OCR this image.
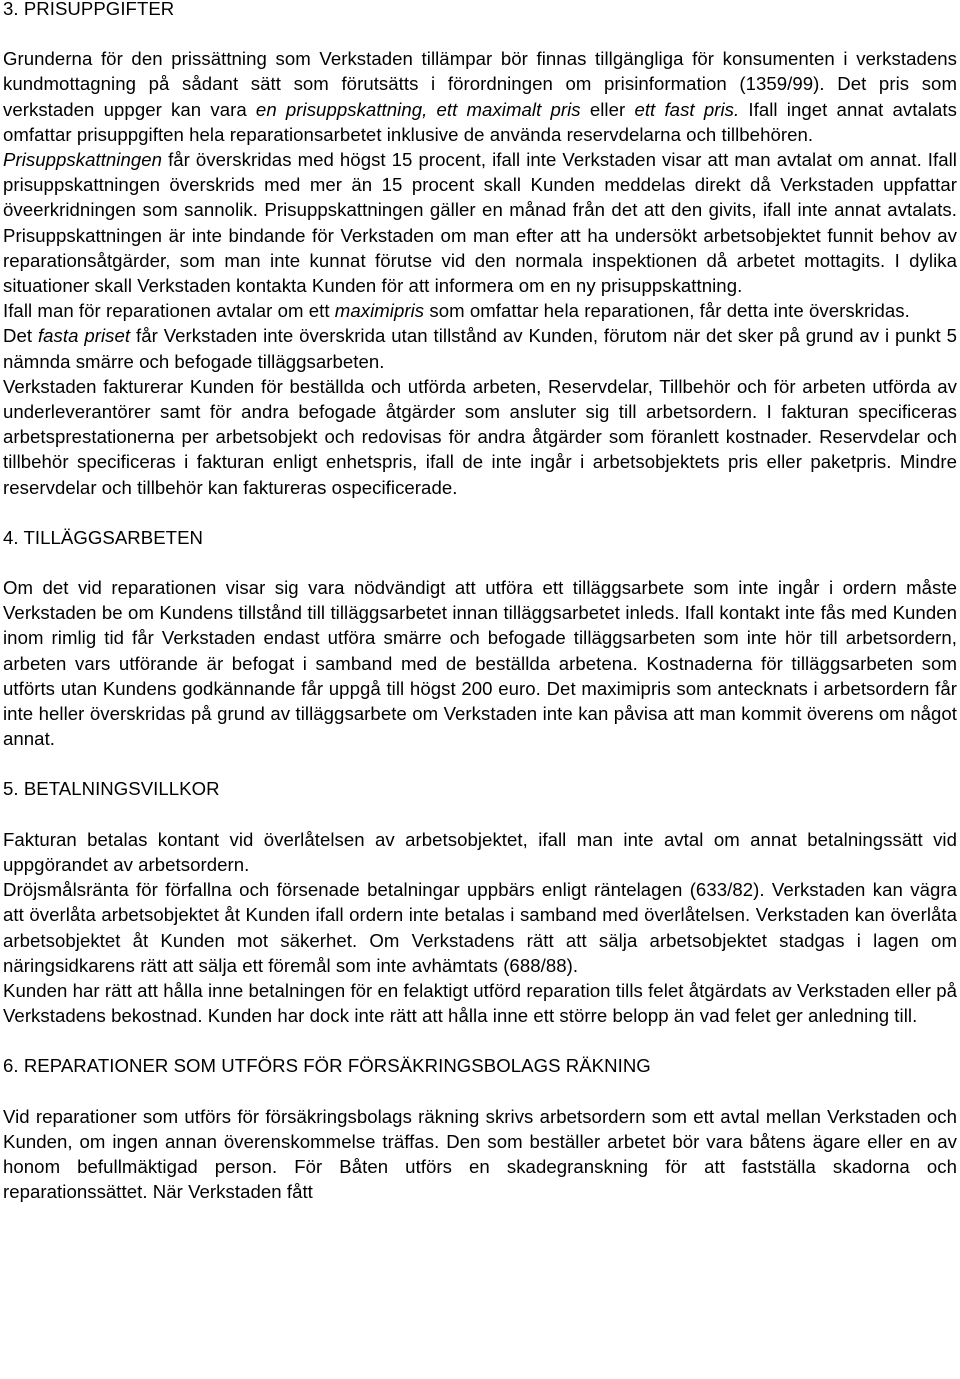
3. PRISUPPGIFTER

Grunderna för den prissättning som Verkstaden tillämpar bör finnas tillgängliga för konsumenten i verkstadens kundmottagning på sådant sätt som förutsätts i förordningen om prisinformation (1359/99). Det pris som verkstaden uppger kan vara en prisuppskattning, ett maximalt pris eller ett fast pris. Ifall inget annat avtalats omfattar prisuppgiften hela reparationsarbetet inklusive de använda reservdelarna och tillbehören.

Prisuppskattningen får överskridas med högst 15 procent, ifall inte Verkstaden visar att man avtalat om annat. Ifall prisuppskattningen överskrids med mer än 15 procent skall Kunden meddelas direkt då Verkstaden uppfattar öveerkridningen som sannolik. Prisuppskattningen gäller en månad från det att den givits, ifall inte annat avtalats. Prisuppskattningen är inte bindande för Verkstaden om man efter att ha undersökt arbetsobjektet funnit behov av reparationsåtgärder, som man inte kunnat förutse vid den normala inspektionen då arbetet mottagits. I dylika situationer skall Verkstaden kontakta Kunden för att informera om en ny prisuppskattning.

Ifall man för reparationen avtalar om ett maximipris som omfattar hela reparationen, får detta inte överskridas.

Det fasta priset får Verkstaden inte överskrida utan tillstånd av Kunden, förutom när det sker på grund av i punkt 5 nämnda smärre och befogade tilläggsarbeten.

Verkstaden fakturerar Kunden för beställda och utförda arbeten, Reservdelar, Tillbehör och för arbeten utförda av underleverantörer samt för andra befogade åtgärder som ansluter sig till arbetsordern. I fakturan specificeras arbetsprestationerna per arbetsobjekt och redovisas för andra åtgärder som föranlett kostnader. Reservdelar och tillbehör specificeras i fakturan enligt enhetspris, ifall de inte ingår i arbetsobjektets pris eller paketpris. Mindre reservdelar och tillbehör kan faktureras ospecificerade.

4. TILLÄGGSARBETEN

Om det vid reparationen visar sig vara nödvändigt att utföra ett tilläggsarbete som inte ingår i ordern måste Verkstaden be om Kundens tillstånd till tilläggsarbetet innan tilläggsarbetet inleds. Ifall kontakt inte fås med Kunden inom rimlig tid får Verkstaden endast utföra smärre och befogade tilläggsarbeten som inte hör till arbetsordern, arbeten vars utförande är befogat i samband med de beställda arbetena. Kostnaderna för tilläggsarbeten som utförts utan Kundens godkännande får uppgå till högst 200 euro. Det maximipris som antecknats i arbetsordern får inte heller överskridas på grund av tilläggsarbete om Verkstaden inte kan påvisa att man kommit överens om något annat.

5. BETALNINGSVILLKOR

Fakturan betalas kontant vid överlåtelsen av arbetsobjektet, ifall man inte avtal om annat betalningssätt vid uppgörandet av arbetsordern.

Dröjsmålsränta för förfallna och försenade betalningar uppbärs enligt räntelagen (633/82). Verkstaden kan vägra att överlåta arbetsobjektet åt Kunden ifall ordern inte betalas i samband med överlåtelsen. Verkstaden kan överlåta arbetsobjektet åt Kunden mot säkerhet. Om Verkstadens rätt att sälja arbetsobjektet stadgas i lagen om näringsidkarens rätt att sälja ett föremål som inte avhämtats (688/88).

Kunden har rätt att hålla inne betalningen för en felaktigt utförd reparation tills felet åtgärdats av Verkstaden eller på Verkstadens bekostnad. Kunden har dock inte rätt att hålla inne ett större belopp än vad felet ger anledning till.

6. REPARATIONER SOM UTFÖRS FÖR FÖRSÄKRINGSBOLAGS RÄKNING

Vid reparationer som utförs för försäkringsbolags räkning skrivs arbetsordern som ett avtal mellan Verkstaden och Kunden, om ingen annan överenskommelse träffas. Den som beställer arbetet bör vara båtens ägare eller en av honom befullmäktigad person. För Båten utförs en skadegranskning för att fastställa skadorna och reparationssättet. När Verkstaden fått
